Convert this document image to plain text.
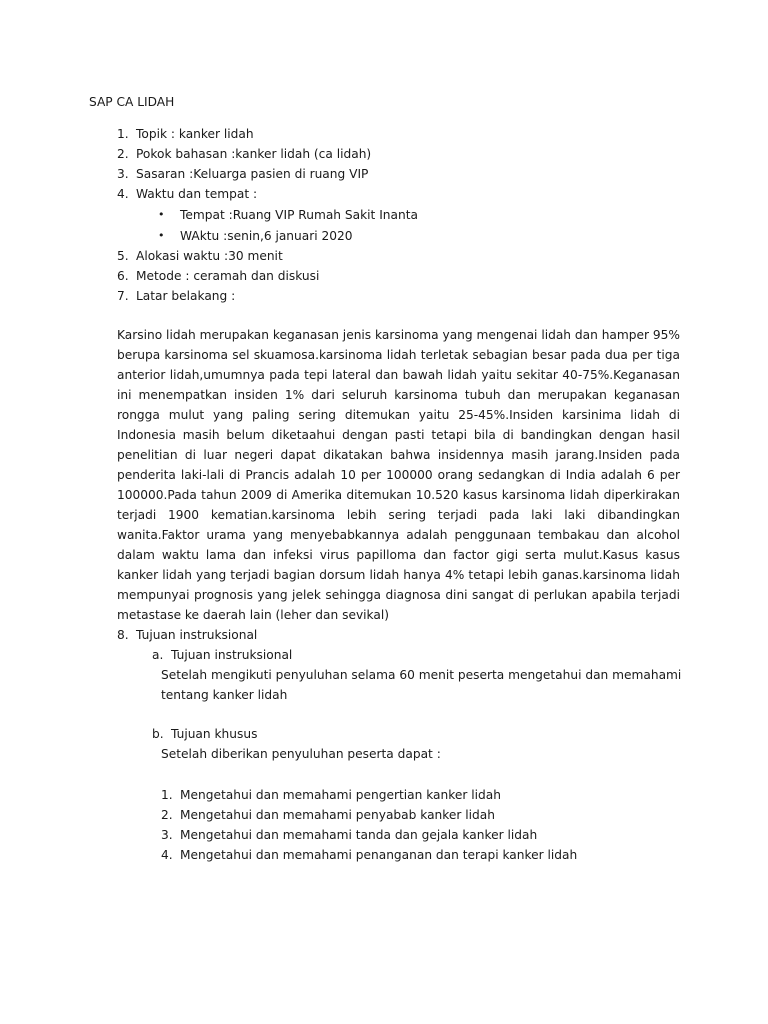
SAP CA LIDAH
1. Topik : kanker lidah
2. Pokok bahasan :kanker lidah (ca lidah)
3. Sasaran :Keluarga pasien di ruang VIP
4. Waktu dan tempat :
• Tempat :Ruang VIP Rumah Sakit Inanta
• WAktu :senin,6 januari 2020
5. Alokasi waktu :30 menit
6. Metode : ceramah dan diskusi
7. Latar belakang :

Karsino lidah merupakan keganasan jenis karsinoma yang mengenai lidah dan hamper 95% berupa karsinoma sel skuamosa.karsinoma lidah terletak sebagian besar pada dua per tiga anterior lidah,umumnya pada tepi lateral dan bawah lidah yaitu sekitar 40-75%.Keganasan ini menempatkan insiden 1% dari seluruh karsinoma tubuh dan merupakan keganasan rongga mulut yang paling sering ditemukan yaitu 25-45%.Insiden karsinima lidah di Indonesia masih belum diketaahui dengan pasti tetapi bila di bandingkan dengan hasil penelitian di luar negeri dapat dikatakan bahwa insidennya masih jarang.Insiden pada penderita laki-lali di Prancis adalah 10 per 100000 orang sedangkan di India adalah 6 per 100000.Pada tahun 2009 di Amerika ditemukan 10.520 kasus karsinoma lidah diperkirakan terjadi 1900 kematian.karsinoma lebih sering terjadi pada laki laki dibandingkan wanita.Faktor urama yang menyebabkannya adalah penggunaan tembakau dan alcohol dalam waktu lama dan infeksi virus papilloma dan factor gigi serta mulut.Kasus kasus kanker lidah yang terjadi bagian dorsum lidah hanya 4% tetapi lebih ganas.karsinoma lidah mempunyai prognosis yang jelek sehingga diagnosa dini sangat di perlukan apabila terjadi metastase ke daerah lain (leher dan sevikal)

8. Tujuan instruksional
a. Tujuan instruksional
Setelah mengikuti penyuluhan selama 60 menit peserta mengetahui dan memahami
tentang kanker lidah
b. Tujuan khusus
Setelah diberikan penyuluhan peserta dapat :
1. Mengetahui dan memahami pengertian kanker lidah
2. Mengetahui dan memahami penyabab kanker lidah
3. Mengetahui dan memahami tanda dan gejala kanker lidah
4. Mengetahui dan memahami penanganan dan terapi kanker lidah
